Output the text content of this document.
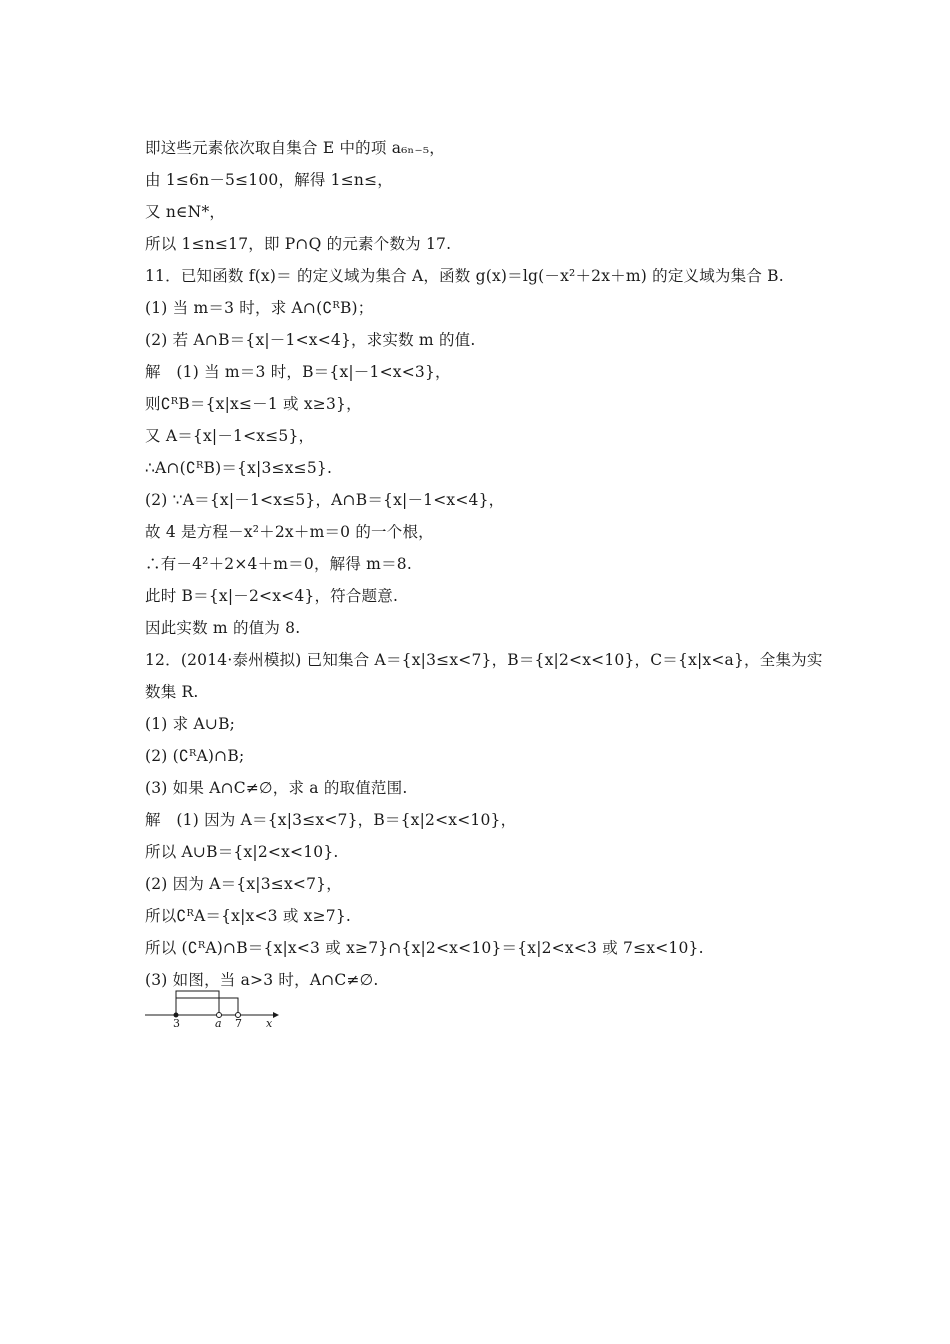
即这些元素依次取自集合 E 中的项 a₆ₙ₋₅，
由 1≤6n－5≤100，解得 1≤n≤，
又 n∈N*，
所以 1≤n≤17，即 P∩Q 的元素个数为 17.
11．已知函数 f(x)＝ 的定义域为集合 A，函数 g(x)＝lg(－x²＋2x＋m) 的定义域为集合 B.
(1) 当 m＝3 时，求 A∩(∁ᴿB)；
(2) 若 A∩B＝{x|－1<x<4}，求实数 m 的值.
解　(1) 当 m＝3 时，B＝{x|－1<x<3}，
则∁ᴿB＝{x|x≤－1 或 x≥3}，
又 A＝{x|－1<x≤5}，
∴A∩(∁ᴿB)＝{x|3≤x≤5}.
(2) ∵A＝{x|－1<x≤5}，A∩B＝{x|－1<x<4}，
故 4 是方程－x²＋2x＋m＝0 的一个根，
∴有－4²＋2×4＋m＝0，解得 m＝8.
此时 B＝{x|－2<x<4}，符合题意.
因此实数 m 的值为 8.
12．(2014·泰州模拟) 已知集合 A＝{x|3≤x<7}，B＝{x|2<x<10}，C＝{x|x<a}，全集为实
数集 R.
(1) 求 A∪B;
(2) (∁ᴿA)∩B;
(3) 如果 A∩C≠∅，求 a 的取值范围.
解　(1) 因为 A＝{x|3≤x<7}，B＝{x|2<x<10}，
所以 A∪B＝{x|2<x<10}.
(2) 因为 A＝{x|3≤x<7}，
所以∁ᴿA＝{x|x<3 或 x≥7}.
所以 (∁ᴿA)∩B＝{x|x<3 或 x≥7}∩{x|2<x<10}＝{x|2<x<3 或 7≤x<10}.
(3) 如图，当 a>3 时，A∩C≠∅.
3	a 7 x
